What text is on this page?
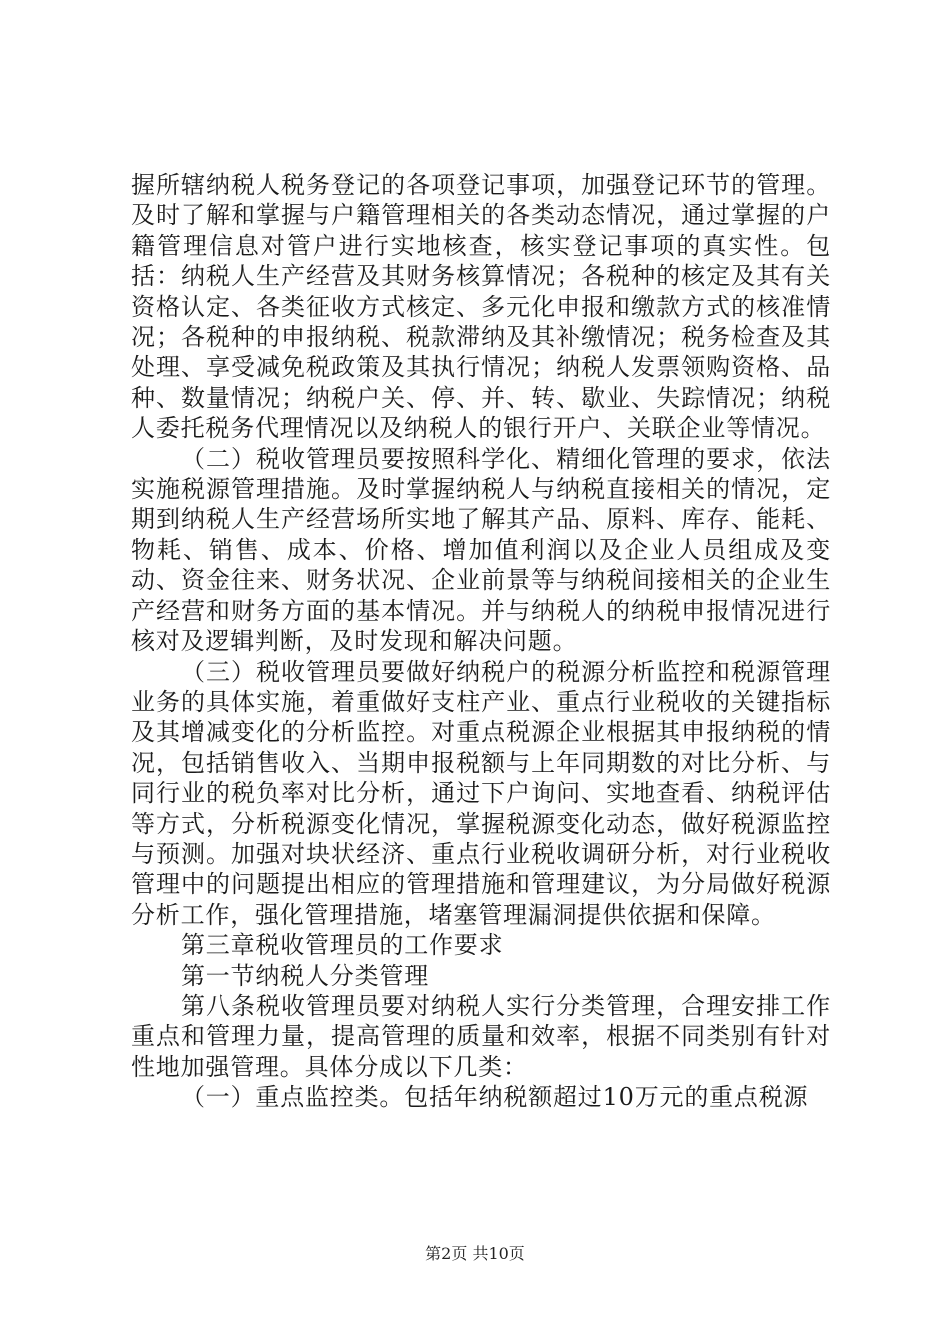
握所辖纳税人税务登记的各项登记事项，加强登记环节的管理。及时了解和掌握与户籍管理相关的各类动态情况，通过掌握的户籍管理信息对管户进行实地核查，核实登记事项的真实性。包括：纳税人生产经营及其财务核算情况；各税种的核定及其有关资格认定、各类征收方式核定、多元化申报和缴款方式的核准情况；各税种的申报纳税、税款滞纳及其补缴情况；税务检查及其处理、享受减免税政策及其执行情况；纳税人发票领购资格、品种、数量情况；纳税户关、停、并、转、歇业、失踪情况；纳税人委托税务代理情况以及纳税人的银行开户、关联企业等情况。

（二）税收管理员要按照科学化、精细化管理的要求，依法实施税源管理措施。及时掌握纳税人与纳税直接相关的情况，定期到纳税人生产经营场所实地了解其产品、原料、库存、能耗、物耗、销售、成本、价格、增加值利润以及企业人员组成及变动、资金往来、财务状况、企业前景等与纳税间接相关的企业生产经营和财务方面的基本情况。并与纳税人的纳税申报情况进行核对及逻辑判断，及时发现和解决问题。

（三）税收管理员要做好纳税户的税源分析监控和税源管理业务的具体实施，着重做好支柱产业、重点行业税收的关键指标及其增减变化的分析监控。对重点税源企业根据其申报纳税的情况，包括销售收入、当期申报税额与上年同期数的对比分析、与同行业的税负率对比分析，通过下户询问、实地查看、纳税评估等方式，分析税源变化情况，掌握税源变化动态，做好税源监控与预测。加强对块状经济、重点行业税收调研分析，对行业税收管理中的问题提出相应的管理措施和管理建议，为分局做好税源分析工作，强化管理措施，堵塞管理漏洞提供依据和保障。

第三章税收管理员的工作要求

第一节纳税人分类管理

第八条税收管理员要对纳税人实行分类管理，合理安排工作重点和管理力量，提高管理的质量和效率，根据不同类别有针对性地加强管理。具体分成以下几类：

（一）重点监控类。包括年纳税额超过10万元的重点税源

第2页 共10页
